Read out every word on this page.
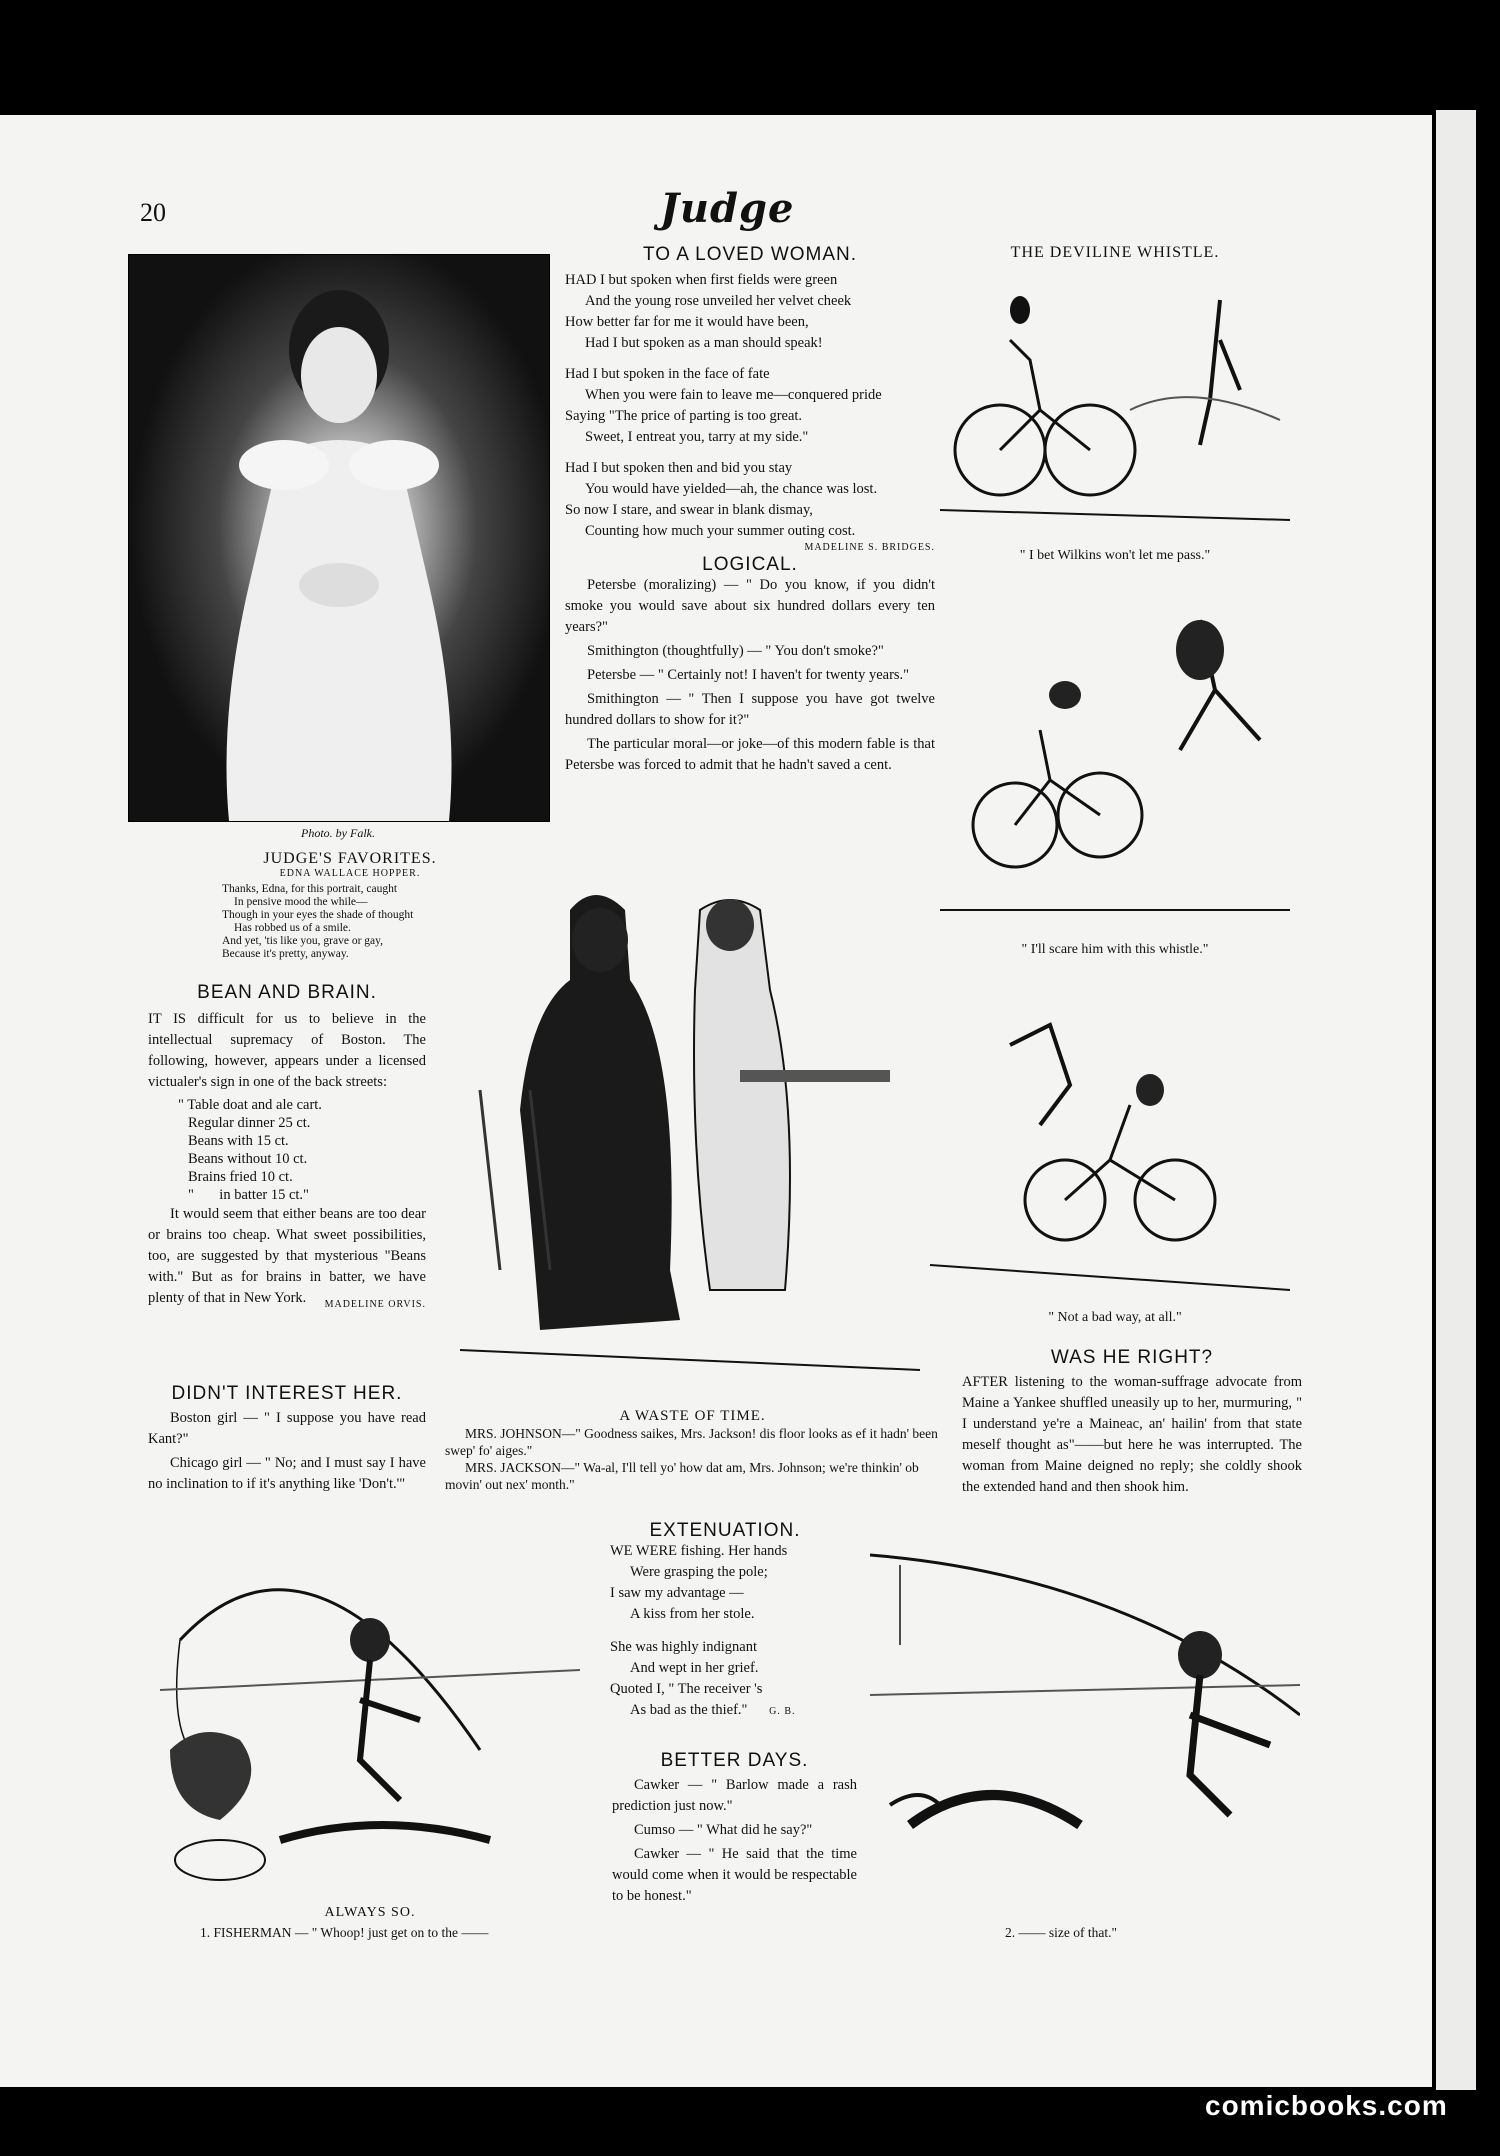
20	Judge
Photo. by Falk.
JUDGE'S FAVORITES.
EDNA WALLACE HOPPER.
Thanks, Edna, for this portrait, caught
In pensive mood the while—
Though in your eyes the shade of thought
Has robbed us of a smile.
And yet, 'tis like you, grave or gay,
Because it's pretty, anyway.
TO A LOVED WOMAN.
HAD I but spoken when first fields were green
And the young rose unveiled her velvet cheek
How better far for me it would have been,
Had I but spoken as a man should speak!
Had I but spoken in the face of fate
When you were fain to leave me—conquered pride
Saying "The price of parting is too great.
Sweet, I entreat you, tarry at my side."
Had I but spoken then and bid you stay
You would have yielded—ah, the chance was lost.
So now I stare, and swear in blank dismay,
Counting how much your summer outing cost.
MADELINE S. BRIDGES.
LOGICAL.

Petersbe (moralizing) — " Do you know, if you didn't smoke you would save about six hundred dollars every ten years?"

Smithington (thoughtfully) — " You don't smoke?"

Petersbe — " Certainly not! I haven't for twenty years."

Smithington — " Then I suppose you have got twelve hundred dollars to show for it?"

The particular moral—or joke—of this modern fable is that Petersbe was forced to admit that he hadn't saved a cent.

THE DEVILINE WHISTLE.
" I bet Wilkins won't let me pass."
" I'll scare him with this whistle."
" Not a bad way, at all."
BEAN AND BRAIN.

IT IS difficult for us to believe in the intellectual supremacy of Boston. The following, however, appears under a licensed victualer's sign in one of the back streets:

" Table doat and ale cart.
Regular dinner 25 ct.
Beans with 15 ct.
Beans without 10 ct.
Brains fried 10 ct.
"       in batter 15 ct."

It would seem that either beans are too dear or brains too cheap. What sweet possibilities, too, are suggested by that mysterious "Beans with." But as for brains in batter, we have plenty of that in New York.	MADELINE ORVIS.
DIDN'T INTEREST HER.

Boston girl — " I suppose you have read Kant?"

Chicago girl — " No; and I must say I have no inclination to if it's anything like 'Don't.'"

A WASTE OF TIME.
MRS. JOHNSON—" Goodness saikes, Mrs. Jackson! dis floor looks as ef it hadn' been swep' fo' aiges."
MRS. JACKSON—" Wa-al, I'll tell yo' how dat am, Mrs. Johnson; we're thinkin' ob movin' out nex' month."
WAS HE RIGHT?

AFTER listening to the woman-suffrage advocate from Maine a Yankee shuffled uneasily up to her, murmuring, " I understand ye're a Maineac, an' hailin' from that state meself thought as"——but here he was interrupted. The woman from Maine deigned no reply; she coldly shook the extended hand and then shook him.

EXTENUATION.
WE WERE fishing. Her hands
Were grasping the pole;
I saw my advantage —
A kiss from her stole.
She was highly indignant
And wept in her grief.
Quoted I, " The receiver 's
As bad as the thief." G. B.
BETTER DAYS.

Cawker — " Barlow made a rash prediction just now."

Cumso — " What did he say?"

Cawker — " He said that the time would come when it would be respectable to be honest."

ALWAYS SO.
1. FISHERMAN — " Whoop! just get on to the ——	2. —— size of that."
comicbooks.com
